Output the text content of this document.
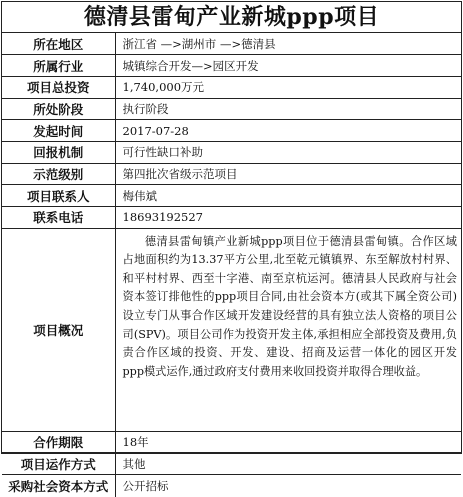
德清县雷甸产业新城ppp项目
所在地区	浙江省 —>湖州市 —>德清县
所属行业	城镇综合开发—>园区开发
项目总投资	1,740,000万元
所处阶段	执行阶段
发起时间	2017-07-28
回报机制	可行性缺口补助
示范级别	第四批次省级示范项目
项目联系人	梅伟斌
联系电话	18693192527
项目概况	德清县雷甸镇产业新城ppp项目位于德清县雷甸镇。合作区域占地面积约为13.37平方公里,北至乾元镇镇界、东至解放村村界、和平村村界、西至十字港、南至京杭运河。德清县人民政府与社会资本签订排他性的ppp项目合同,由社会资本方(或其下属全资公司)设立专门从事合作区域开发建设经营的具有独立法人资格的项目公司(SPV)。项目公司作为投资开发主体,承担相应全部投资及费用,负责合作区域的投资、开发、建设、招商及运营一体化的园区开发ppp模式运作,通过政府支付费用来收回投资并取得合理收益。
合作期限	18年
项目运作方式	其他
采购社会资本方式	公开招标
